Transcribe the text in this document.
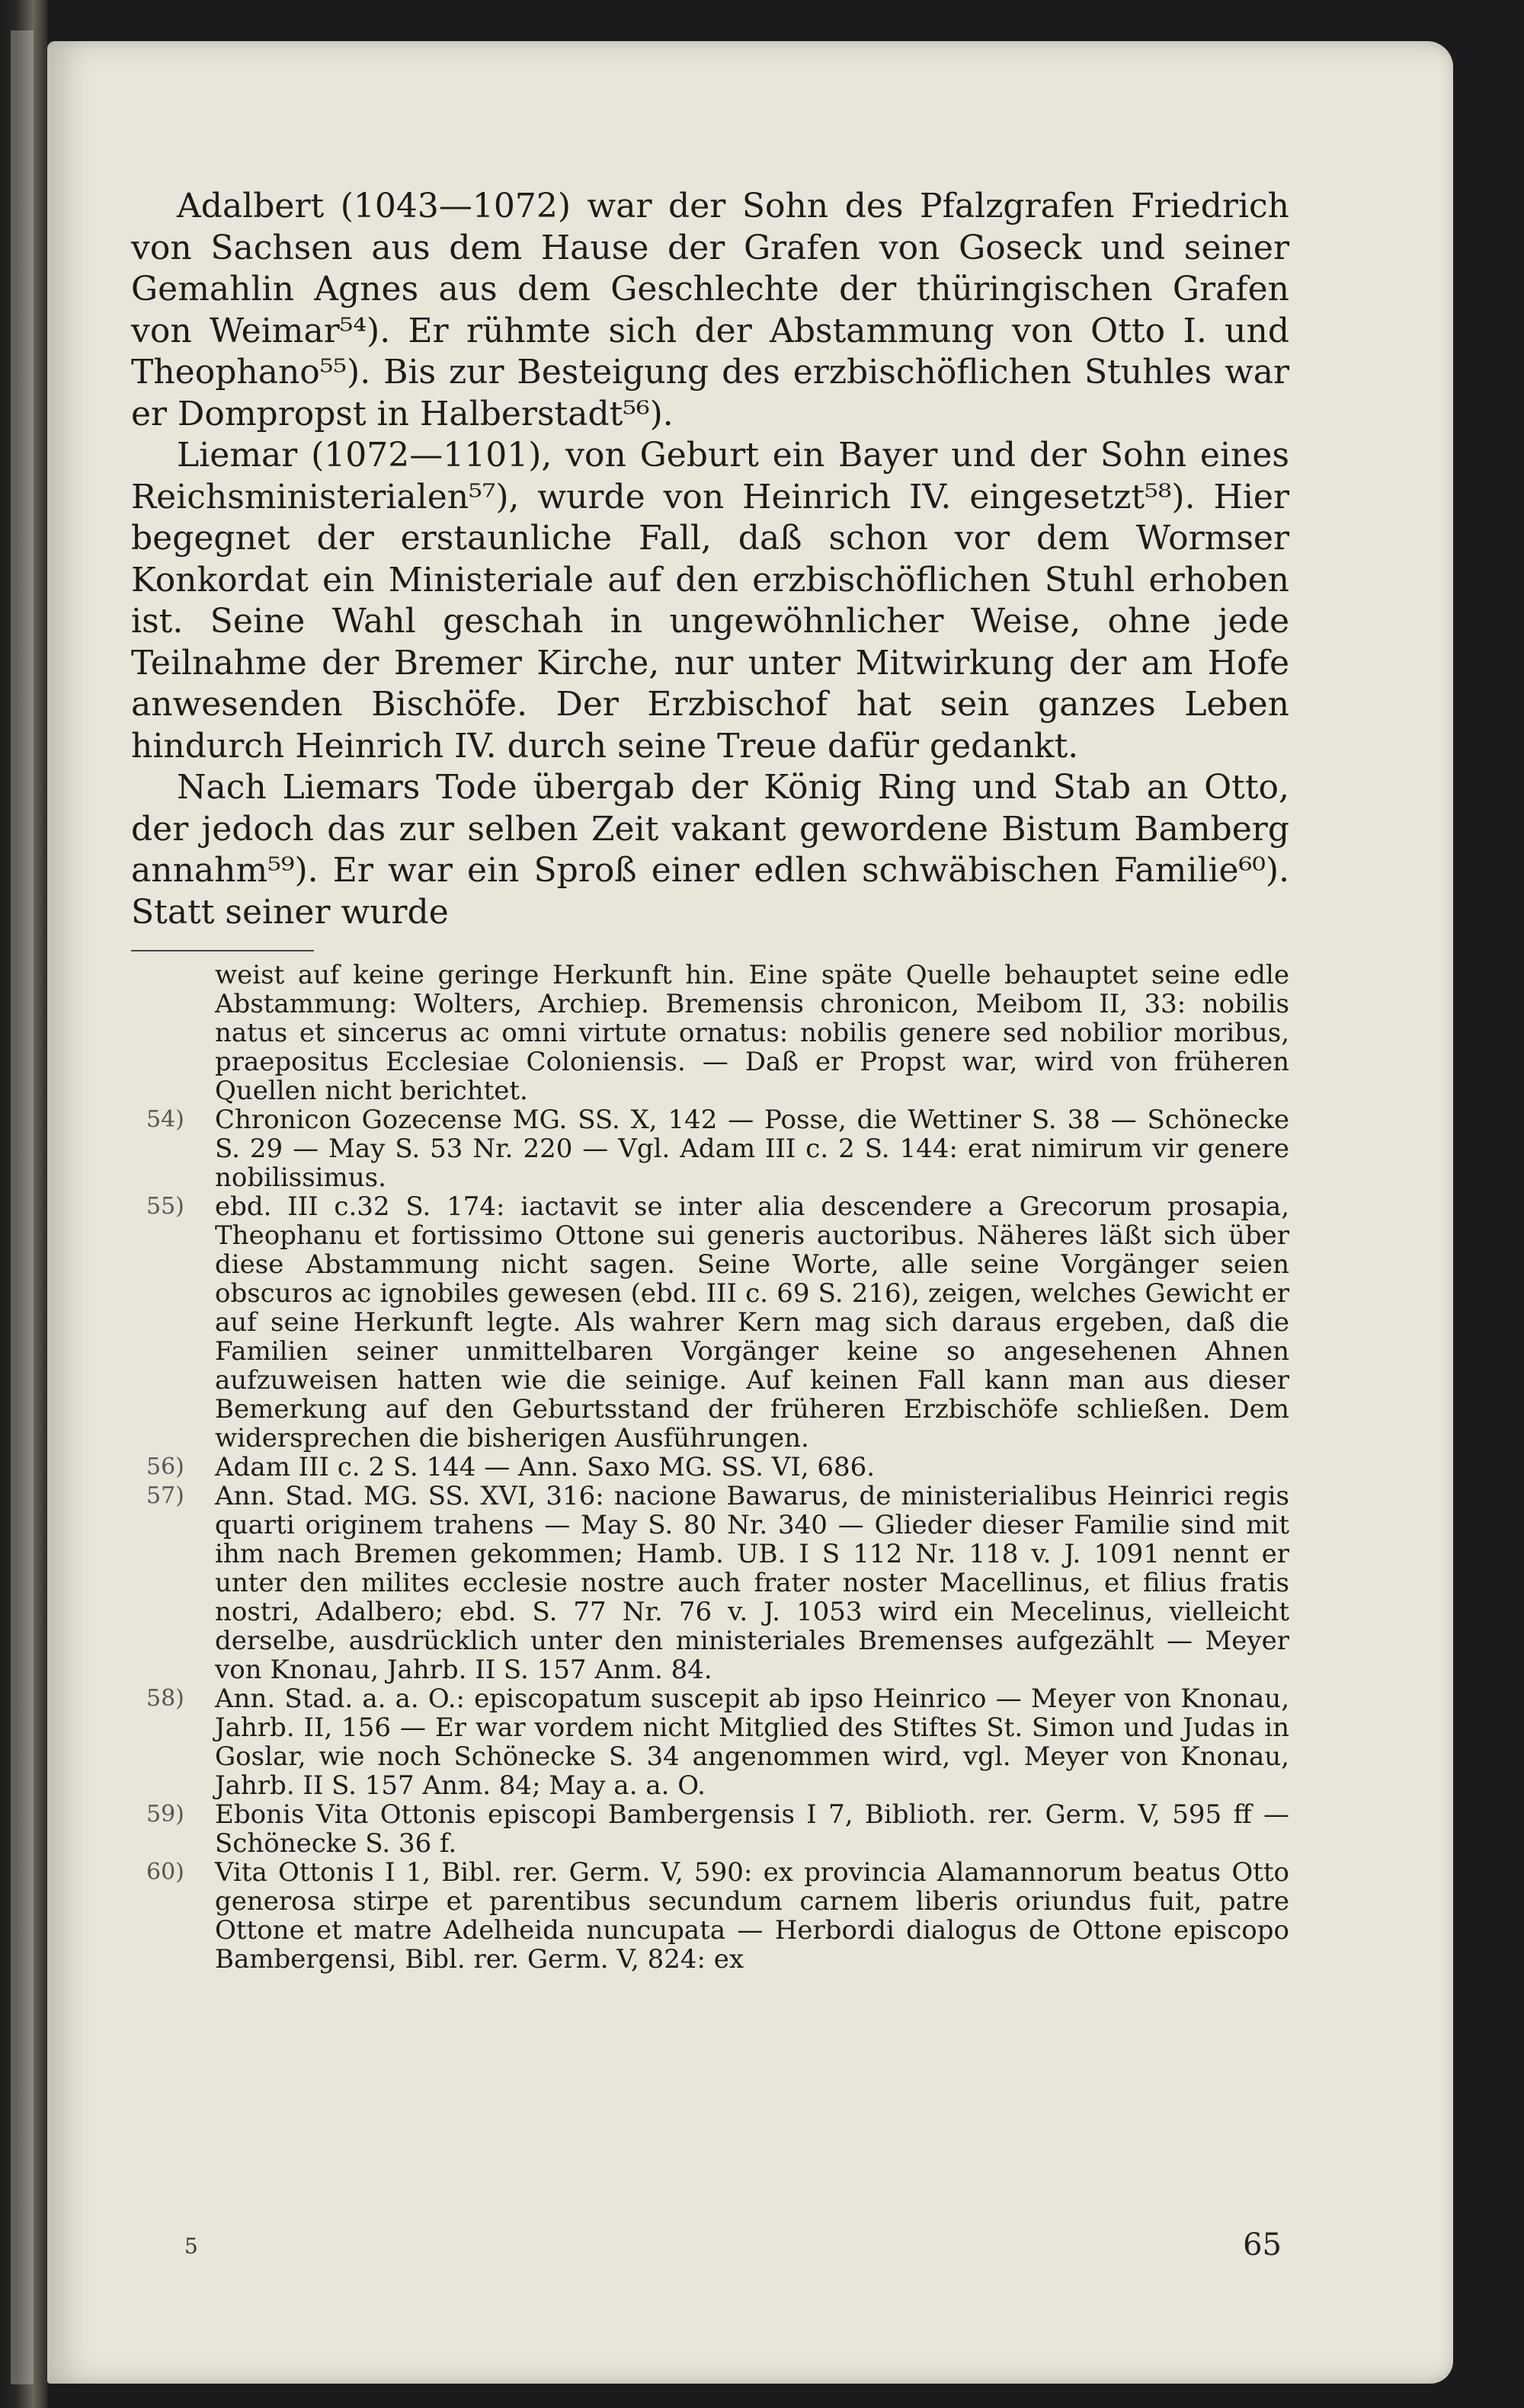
Adalbert (1043—1072) war der Sohn des Pfalzgrafen Friedrich von Sachsen aus dem Hause der Grafen von Goseck und seiner Gemahlin Agnes aus dem Geschlechte der thüringischen Grafen von Weimar⁵⁴). Er rühmte sich der Abstammung von Otto I. und Theophano⁵⁵). Bis zur Besteigung des erzbischöflichen Stuhles war er Dompropst in Halberstadt⁵⁶).

Liemar (1072—1101), von Geburt ein Bayer und der Sohn eines Reichsministerialen⁵⁷), wurde von Heinrich IV. eingesetzt⁵⁸). Hier begegnet der erstaunliche Fall, daß schon vor dem Wormser Konkordat ein Ministeriale auf den erzbischöflichen Stuhl erhoben ist. Seine Wahl geschah in ungewöhnlicher Weise, ohne jede Teilnahme der Bremer Kirche, nur unter Mitwirkung der am Hofe anwesenden Bischöfe. Der Erzbischof hat sein ganzes Leben hindurch Heinrich IV. durch seine Treue dafür gedankt.

Nach Liemars Tode übergab der König Ring und Stab an Otto, der jedoch das zur selben Zeit vakant gewordene Bistum Bamberg annahm⁵⁹). Er war ein Sproß einer edlen schwäbischen Familie⁶⁰). Statt seiner wurde

weist auf keine geringe Herkunft hin. Eine späte Quelle behauptet seine edle Abstammung: Wolters, Archiep. Bremensis chronicon, Meibom II, 33: nobilis natus et sincerus ac omni virtute ornatus: nobilis genere sed nobilior moribus, praepositus Ecclesiae Coloniensis. — Daß er Propst war, wird von früheren Quellen nicht berichtet.

54) Chronicon Gozecense MG. SS. X, 142 — Posse, die Wettiner S. 38 — Schönecke S. 29 — May S. 53 Nr. 220 — Vgl. Adam III c. 2 S. 144: erat nimirum vir genere nobilissimus.

55) ebd. III c.32 S. 174: iactavit se inter alia descendere a Grecorum prosapia, Theophanu et fortissimo Ottone sui generis auctoribus. Näheres läßt sich über diese Abstammung nicht sagen. Seine Worte, alle seine Vorgänger seien obscuros ac ignobiles gewesen (ebd. III c. 69 S. 216), zeigen, welches Gewicht er auf seine Herkunft legte. Als wahrer Kern mag sich daraus ergeben, daß die Familien seiner unmittelbaren Vorgänger keine so angesehenen Ahnen aufzuweisen hatten wie die seinige. Auf keinen Fall kann man aus dieser Bemerkung auf den Geburtsstand der früheren Erzbischöfe schließen. Dem widersprechen die bisherigen Ausführungen.

56) Adam III c. 2 S. 144 — Ann. Saxo MG. SS. VI, 686.

57) Ann. Stad. MG. SS. XVI, 316: nacione Bawarus, de ministerialibus Heinrici regis quarti originem trahens — May S. 80 Nr. 340 — Glieder dieser Familie sind mit ihm nach Bremen gekommen; Hamb. UB. I S 112 Nr. 118 v. J. 1091 nennt er unter den milites ecclesie nostre auch frater noster Macellinus, et filius fratis nostri, Adalbero; ebd. S. 77 Nr. 76 v. J. 1053 wird ein Mecelinus, vielleicht derselbe, ausdrücklich unter den ministeriales Bremenses aufgezählt — Meyer von Knonau, Jahrb. II S. 157 Anm. 84.

58) Ann. Stad. a. a. O.: episcopatum suscepit ab ipso Heinrico — Meyer von Knonau, Jahrb. II, 156 — Er war vordem nicht Mitglied des Stiftes St. Simon und Judas in Goslar, wie noch Schönecke S. 34 angenommen wird, vgl. Meyer von Knonau, Jahrb. II S. 157 Anm. 84; May a. a. O.

59) Ebonis Vita Ottonis episcopi Bambergensis I 7, Biblioth. rer. Germ. V, 595 ff — Schönecke S. 36 f.

60) Vita Ottonis I 1, Bibl. rer. Germ. V, 590: ex provincia Alamannorum beatus Otto generosa stirpe et parentibus secundum carnem liberis oriundus fuit, patre Ottone et matre Adelheida nuncupata — Herbordi dialogus de Ottone episcopo Bambergensi, Bibl. rer. Germ. V, 824: ex

5	65
